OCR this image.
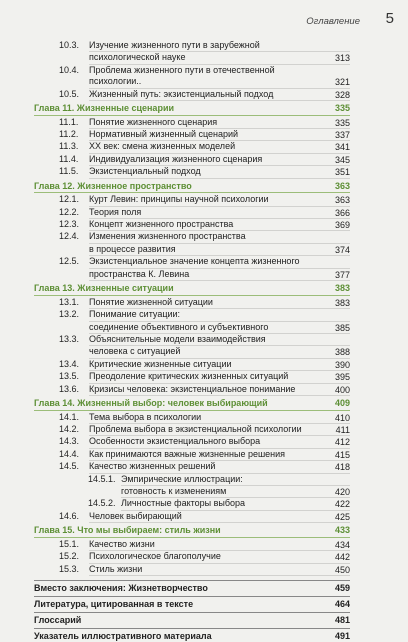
Оглавление 5
10.3. Изучение жизненного пути в зарубежной
психологической науке	313
10.4. Проблема жизненного пути в отечественной психологии..	321
10.5. Жизненный путь: экзистенциальный подход	328
Глава 11. Жизненные сценарии	335
11.1. Понятие жизненного сценария	335
11.2. Нормативный жизненный сценарий	337
11.3. XX век: смена жизненных моделей	341
11.4. Индивидуализация жизненного сценария	345
11.5. Экзистенциальный подход	351
Глава 12. Жизненное пространство	363
12.1. Курт Левин: принципы научной психологии	363
12.2. Теория поля	366
12.3. Концепт жизненного пространства	369
12.4. Изменения жизненного пространства
в процессе развития	374
12.5. Экзистенциальное значение концепта жизненного
пространства К. Левина	377
Глава 13. Жизненные ситуации	383
13.1. Понятие жизненной ситуации	383
13.2. Понимание ситуации:
соединение объективного и субъективного	385
13.3. Объяснительные модели взаимодействия
человека с ситуацией	388
13.4. Критические жизненные ситуации	390
13.5. Преодоление критических жизненных ситуаций	395
13.6. Кризисы человека: экзистенциальное понимание	400
Глава 14. Жизненный выбор: человек выбирающий	409
14.1. Тема выбора в психологии	410
14.2. Проблема выбора в экзистенциальной психологии	411
14.3. Особенности экзистенциального выбора	412
14.4. Как принимаются важные жизненные решения	415
14.5. Качество жизненных решений	418
14.5.1. Эмпирические иллюстрации:
готовность к изменениям	420
14.5.2. Личностные факторы выбора	422
14.6. Человек выбирающий	425
Глава 15. Что мы выбираем: стиль жизни	433
15.1. Качество жизни	434
15.2. Психологическое благополучие	442
15.3. Стиль жизни	450
Вместо заключения: Жизнетворчество	459
Литература, цитированная в тексте	464
Глоссарий	481
Указатель иллюстративного материала	491
